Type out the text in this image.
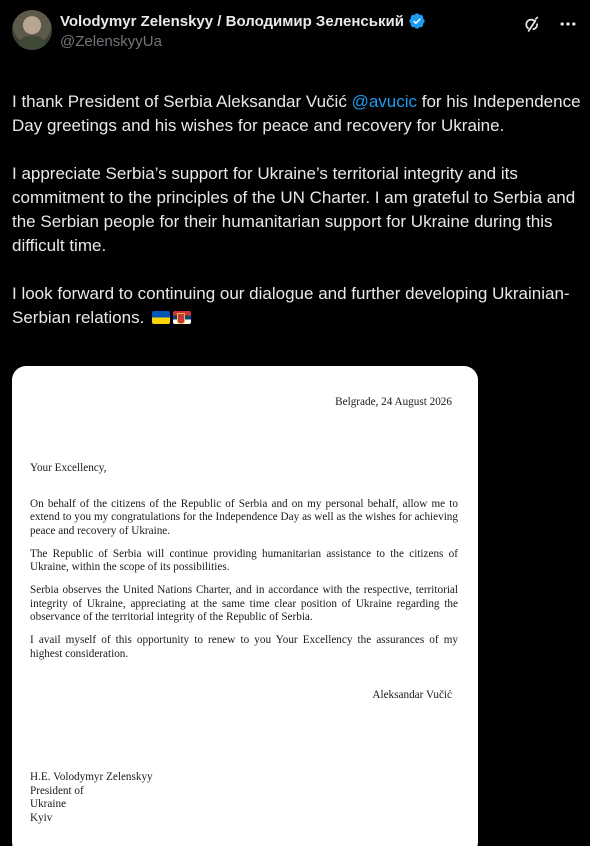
Volodymyr Zelenskyy / Володимир Зеленський
@ZelenskyyUa

I thank President of Serbia Aleksandar Vučić @avucic for his Independence Day greetings and his wishes for peace and recovery for Ukraine.

I appreciate Serbia’s support for Ukraine’s territorial integrity and its commitment to the principles of the UN Charter. I am grateful to Serbia and the Serbian people for their humanitarian support for Ukraine during this difficult time.

I look forward to continuing our dialogue and further developing Ukrainian-Serbian relations.

Belgrade, 24 August 2026
Your Excellency,

On behalf of the citizens of the Republic of Serbia and on my personal behalf, allow me to extend to you my congratulations for the Independence Day as well as the wishes for achieving peace and recovery of Ukraine.

The Republic of Serbia will continue providing humanitarian assistance to the citizens of Ukraine, within the scope of its possibilities.

Serbia observes the United Nations Charter, and in accordance with the respective, territorial integrity of Ukraine, appreciating at the same time clear position of Ukraine regarding the observance of the territorial integrity of the Republic of Serbia.

I avail myself of this opportunity to renew to you Your Excellency the assurances of my highest consideration.

Aleksandar Vučić
H.E. Volodymyr Zelenskyy
President of
Ukraine
Kyiv
